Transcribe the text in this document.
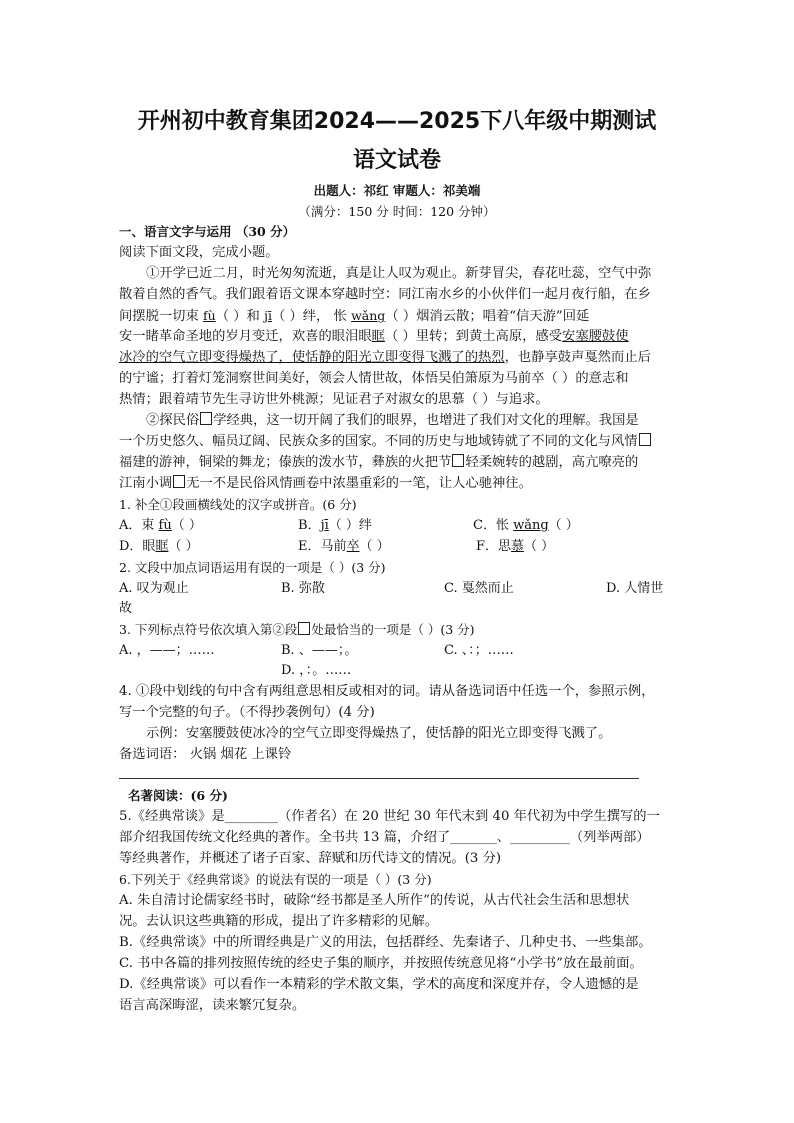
开州初中教育集团2024——2025下八年级中期测试
语文试卷
出题人：祁红 审题人：祁美端
（满分：150 分 时间：120 分钟）
一、语言文字与运用 （30 分）
阅读下面文段，完成小题。
①开学已近二月，时光匆匆流逝，真是让人叹为观止。新芽冒尖，春花吐蕊，空气中弥
散着自然的香气。我们跟着语文课本穿越时空：同江南水乡的小伙伴们一起月夜行船，在乡
间摆脱一切束 fù（ ）和 jī（ ）绊， 怅 wǎng（ ）烟消云散；唱着“信天游”回延
安一睹革命圣地的岁月变迁，欢喜的眼泪眼眶（ ）里转；到黄土高原，感受安塞腰鼓使
冰冷的空气立即变得燥热了，使恬静的阳光立即变得飞溅了的热烈，也静享鼓声戛然而止后
的宁谧；打着灯笼洞察世间美好，领会人情世故，体悟吴伯箫原为马前卒（ ）的意志和
热情；跟着靖节先生寻访世外桃源；见证君子对淑女的思慕（ ）与追求。
②探民俗 学经典，这一切开阔了我们的眼界，也增进了我们对文化的理解。我国是
一个历史悠久、幅员辽阔、民族众多的国家。不同的历史与地域铸就了不同的文化与风情
福建的游神，铜梁的舞龙；傣族的泼水节，彝族的火把节 轻柔婉转的越剧，高亢嘹亮的
江南小调 无一不是民俗风情画卷中浓墨重彩的一笔，让人心驰神往。
1. 补全①段画横线处的汉字或拼音。(6 分)
A．束 fù（ ）	B．jī（ ）绊	C．怅 wǎng（ ）
D．眼眶（ ）	E．马前卒（ ）	F．思慕（ ）
2. 文段中加点词语运用有误的一项是（ ）(3 分)
A. 叹为观止	B. 弥散	C. 戛然而止	D. 人情世
故
3. 下列标点符号依次填入第②段 处最恰当的一项是（ ）(3 分)
A. ，——；……	B. 、——；。	C. 、：；……
D. ，：。……
4. ①段中划线的句中含有两组意思相反或相对的词。请从备选词语中任选一个，参照示例，
写一个完整的句子。（不得抄袭例句）(4 分)
示例：安塞腰鼓使冰冷的空气立即变得燥热了，使恬静的阳光立即变得飞溅了。
备选词语： 火锅 烟花 上课铃
名著阅读：(6 分)
5.《经典常谈》是________（作者名）在 20 世纪 30 年代末到 40 年代初为中学生撰写的一
部介绍我国传统文化经典的著作。全书共 13 篇，介绍了_______、_________（列举两部）
等经典著作，并概述了诸子百家、辞赋和历代诗文的情况。(3 分)
6.下列关于《经典常谈》的说法有误的一项是（ ）(3 分)
A. 朱自清讨论儒家经书时，破除“经书都是圣人所作”的传说，从古代社会生活和思想状
况。去认识这些典籍的形成，提出了许多精彩的见解。
B.《经典常谈》中的所谓经典是广义的用法，包括群经、先秦诸子、几种史书、一些集部。
C. 书中各篇的排列按照传统的经史子集的顺序，并按照传统意见将“小学书”放在最前面。
D.《经典常谈》可以看作一本精彩的学术散文集，学术的高度和深度并存，令人遗憾的是
语言高深晦涩，读来繁冗复杂。
